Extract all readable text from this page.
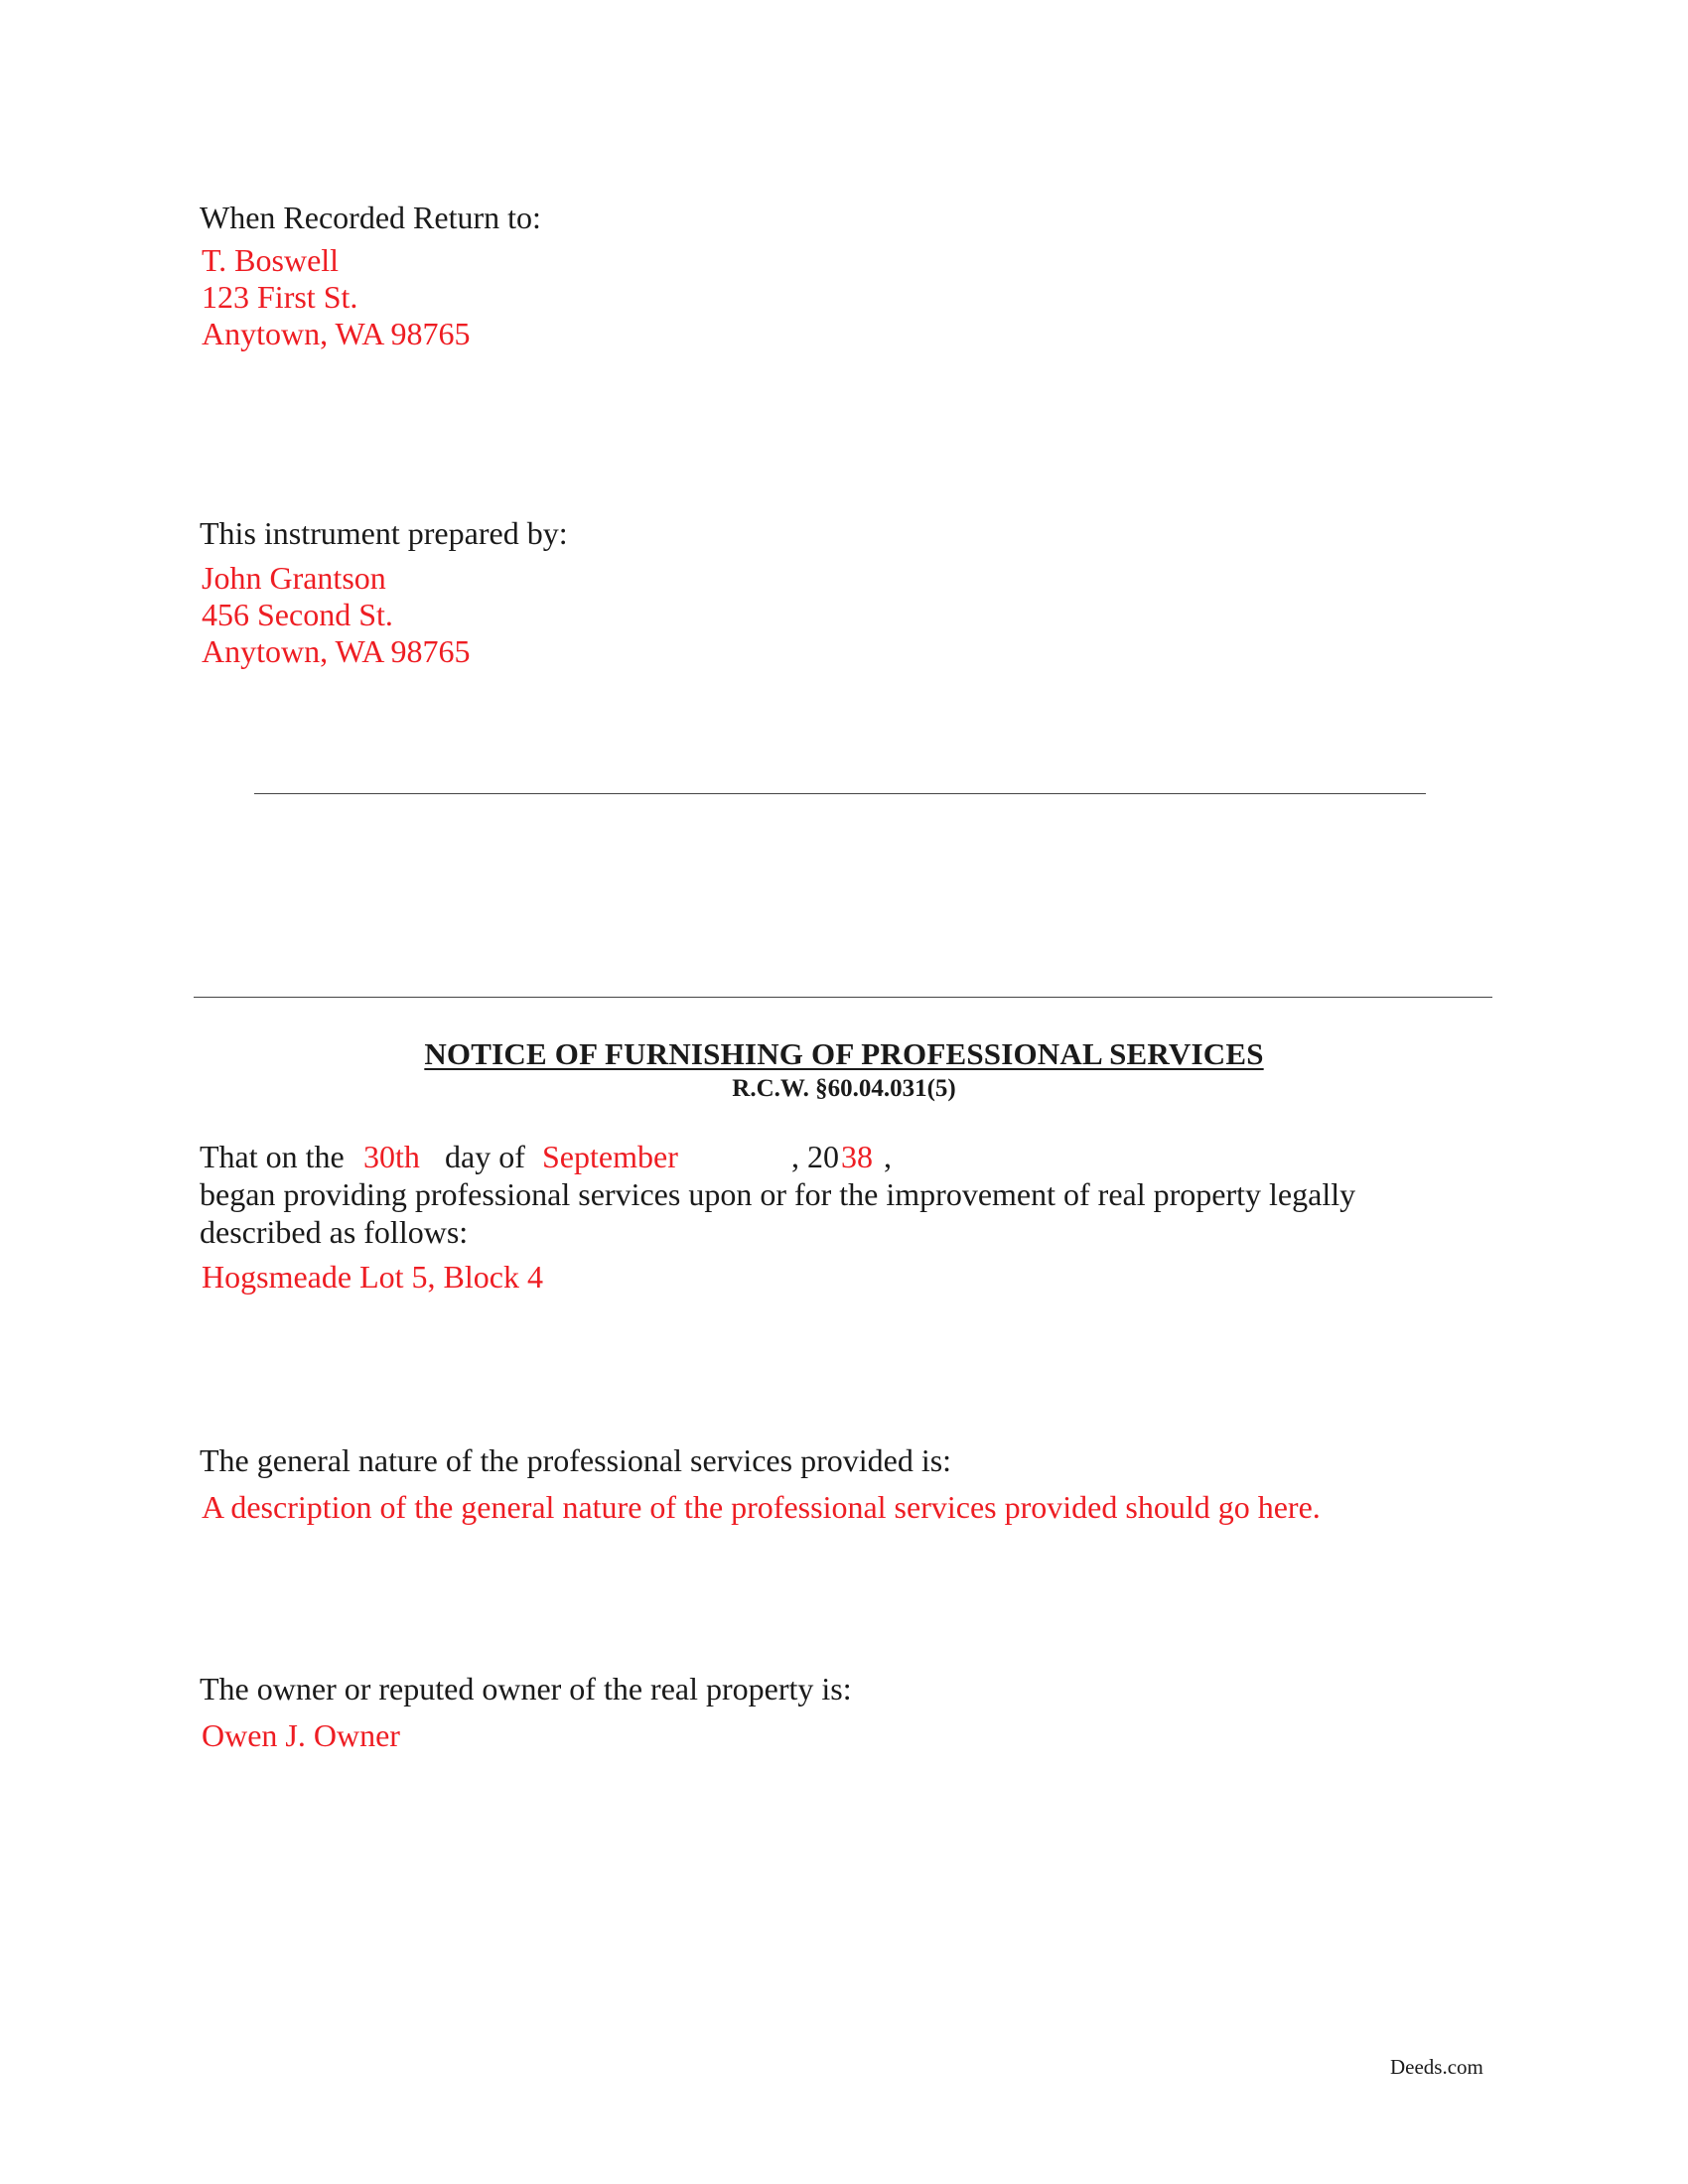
When Recorded Return to:
T. Boswell
123 First St.
Anytown, WA 98765
This instrument prepared by:
John Grantson
456 Second St.
Anytown, WA 98765
NOTICE OF FURNISHING OF PROFESSIONAL SERVICES
R.C.W. §60.04.031(5)
That on the 30th day of September	, 20 38 ,
began providing professional services upon or for the improvement of real property legally described as follows:
Hogsmeade Lot 5, Block 4
The general nature of the professional services provided is:
A description of the general nature of the professional services provided should go here.
The owner or reputed owner of the real property is:
Owen J. Owner
Deeds.com
